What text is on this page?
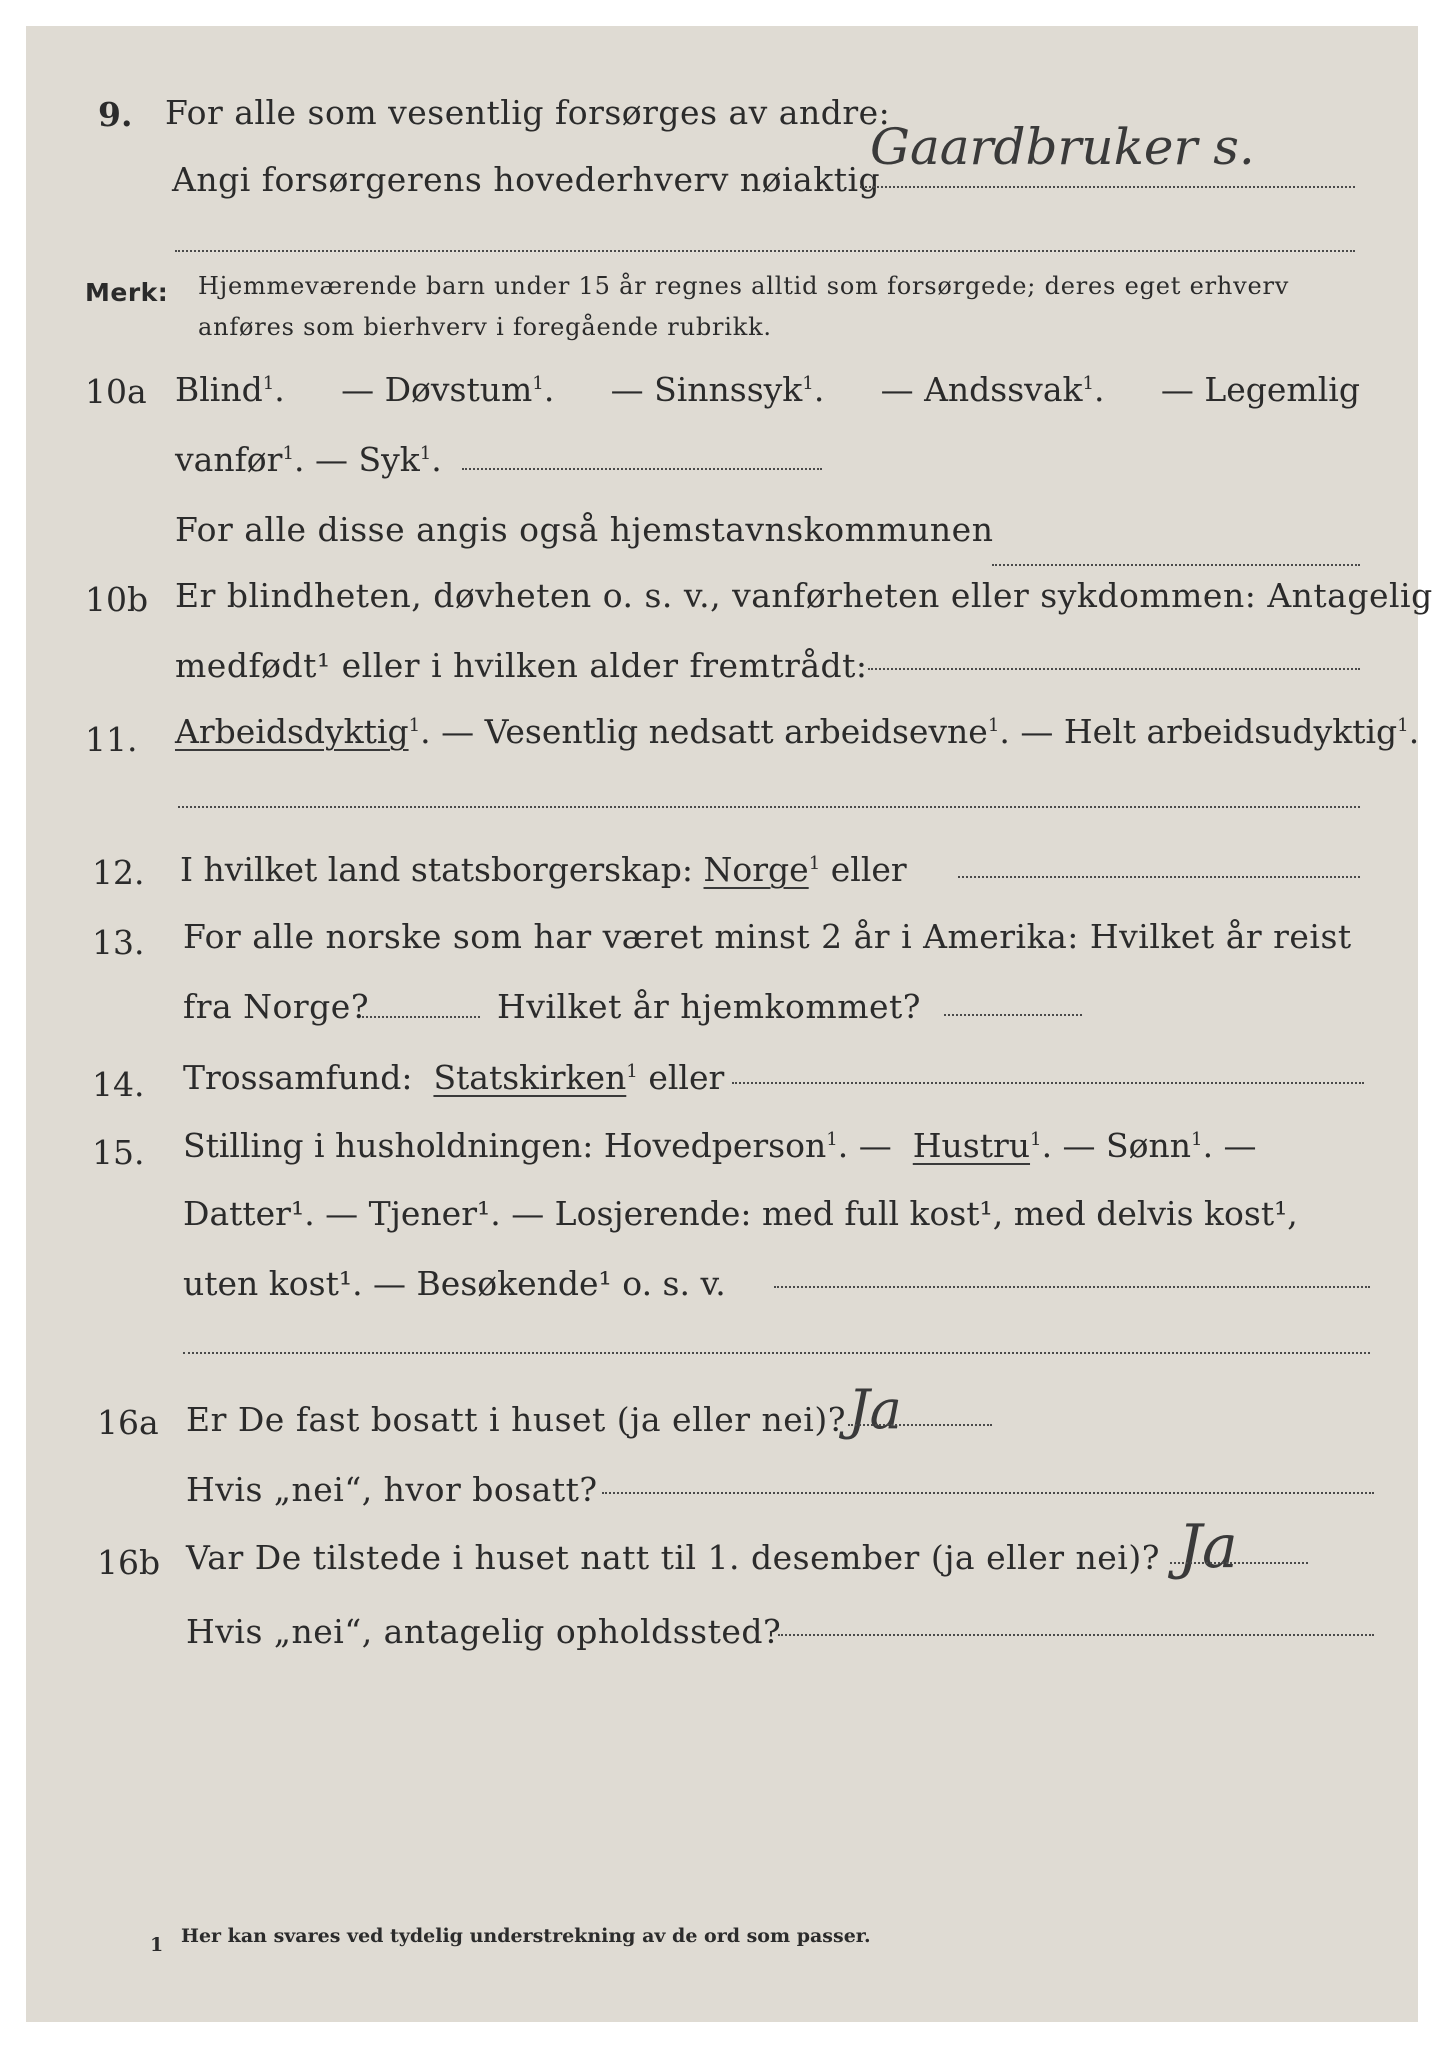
9. For alle som vesentlig forsørges av andre:
Angi forsørgerens hovederhverv nøiaktig
Gaardbruker s.
Merk: Hjemmeværende barn under 15 år regnes alltid som forsørgede; deres eget erhverv
anføres som bierhverv i foregående rubrikk.
10a Blind$^1$. — Døvstum$^1$. — Sinnssyk$^1$. — Andssvak$^1$. — Legemlig
vanfør$^1$. — Syk$^1$.
For alle disse angis også hjemstavnskommunen
10b Er blindheten, døvheten o. s. v., vanførheten eller sykdommen: Antagelig
medfødt¹ eller i hvilken alder fremtrådt:
11. Arbeidsdyktig$^1$. — Vesentlig nedsatt arbeidsevne$^1$. — Helt arbeidsudyktig$^1$.
12. I hvilket land statsborgerskap: Norge$^1$ eller
13. For alle norske som har været minst 2 år i Amerika: Hvilket år reist
fra Norge?	Hvilket år hjemkommet?
14. Trossamfund: Statskirken$^1$ eller
15. Stilling i husholdningen: Hovedperson$^1$. — Hustru$^1$. — Sønn$^1$. —
Datter¹. — Tjener¹. — Losjerende: med full kost¹, med delvis kost¹,
uten kost¹. — Besøkende¹ o. s. v.
16a Er De fast bosatt i huset (ja eller nei)? Ja
Hvis „nei“, hvor bosatt?
16b Var De tilstede i huset natt til 1. desember (ja eller nei)? Ja
Hvis „nei“, antagelig opholdssted?
1 Her kan svares ved tydelig understrekning av de ord som passer.
